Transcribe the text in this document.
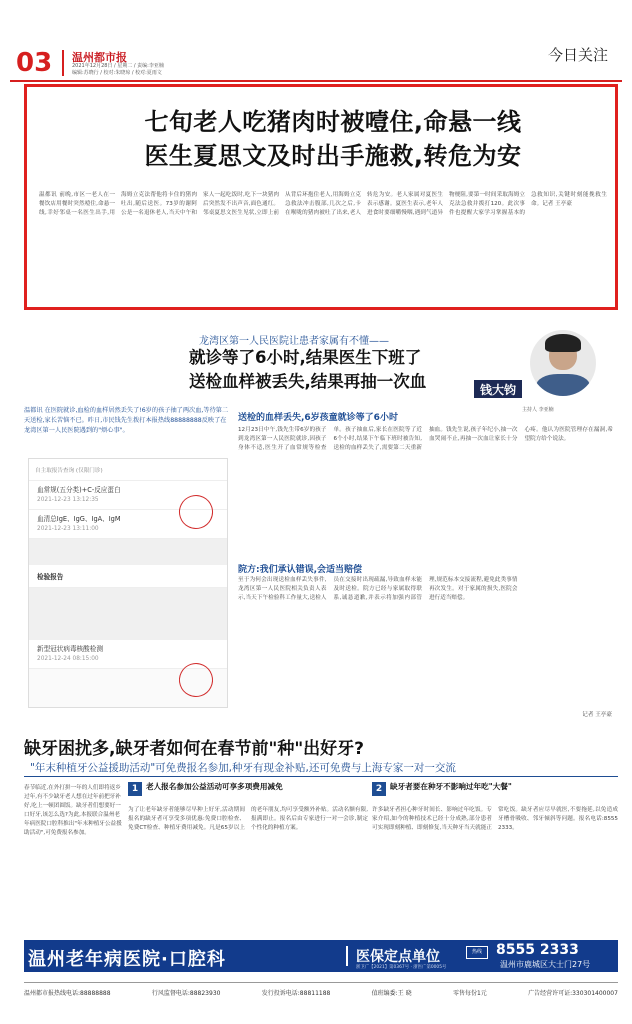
03 温州都市报
2021年12月28日 / 星期二 / 责编:李亚楠
编辑:苏晓行 / 校对:朱晓琼 / 校对:夏雨文
今日关注
七旬老人吃猪肉时被噎住,命悬一线
医生夏思文及时出手施救,转危为安
温都讯 前晚,市区一老人在一餐饮店用餐时突然噎住,命悬一线,幸好邻桌一名医生出手,用海姆立克法帮他将卡住的猪肉吐出,随后送医。73岁的谢阿公是一名退休老人,当天中午和家人一起吃饭时,吃下一块猪肉后突然发不出声音,面色通红。邻桌夏思文医生见状,立即上前从背后环抱住老人,用海姆立克急救法冲击腹部,几次之后,卡在喉咙的猪肉被吐了出来,老人转危为安。老人家属对夏医生表示感谢。夏医生表示,老年人进食时要细嚼慢咽,遇到气道异物梗阻,要第一时间采取海姆立克法急救并拨打120。此次事件也提醒大家学习掌握基本的急救知识,关键时刻能挽救生命。记者 王亭豪
龙湾区第一人民医院让患者家属有不懂——
就诊等了6小时,结果医生下班了
送检血样被丢失,结果再抽一次血	钱大钧
主持人 李亚楠
温都讯 在医院就诊,血检的血样居然丢失了!6岁的孩子抽了两次血,等待第二天送检,家长苦恼不已。昨日,市民钱先生拨打本报热线88888888反映了在龙湾区第一人民医院遇到的"烦心事"。
自主取报告查询 (仅限门诊)
血常规(五分类)+C-反应蛋白
2021-12-23 13:12:35
血清总IgE、IgG、IgA、IgM
2021-12-23 13:11:00
检验报告
新型冠状病毒核酸检测
2021-12-24 08:15:00
送检的血样丢失,6岁孩童就诊等了6小时
12月23日中午,钱先生带6岁的孩子到龙湾区第一人民医院就诊,因孩子身体不适,医生开了血常规等检查单。孩子抽血后,家长在医院等了近6个小时,结果下午临下班时被告知,送检的血样丢失了,需要第二天重新抽血。钱先生说,孩子年纪小,抽一次血哭闹不止,再抽一次血让家长十分心疼。他认为医院管理存在漏洞,希望院方给个说法。
院方:我们承认错误,会适当赔偿
至于为何会出现送检血样丢失事件,龙湾区第一人民医院相关负责人表示,当天下午检验科工作量大,送检人员在交接时出现疏漏,导致血样未能及时送检。院方已经与家属取得联系,诚恳道歉,并表示将加强内部管理,规范标本交接流程,避免此类事情再次发生。对于家属的损失,医院会进行适当赔偿。
记者 王亭豪
缺牙困扰多,缺牙者如何在春节前"种"出好牙?
"年末种植牙公益援助活动"可免费报名参加,种牙有现金补贴,还可免费与上海专家一对一交流
春节临近,在外打拼一年的人们即将返乡过年,有不少缺牙老人想在过年前把牙补好,吃上一顿团圆饭。缺牙者们想要好一口好牙,该怎么选?为此,本报联合温州老年病医院口腔科推出"年末种植牙公益援助活动",可免费报名参加。
1	老人报名参加公益活动可享多项费用减免
为了让老年缺牙者能够尽早种上好牙,活动期间报名的缺牙者可享受多项优惠:免费口腔检查、免费CT检查、种植牙费用减免。凡是65岁以上的老年朋友,均可享受额外补贴。活动名额有限,报满即止。报名后由专家进行一对一会诊,制定个性化的种植方案。
2	缺牙者要在种牙不影响过年吃"大餐"
许多缺牙者担心种牙时间长、影响过年吃饭。专家介绍,如今的种植技术已经十分成熟,部分患者可实现即刻种植、即刻修复,当天种牙当天就能正常吃饭。缺牙者应尽早就医,不要拖延,以免造成牙槽骨吸收、邻牙倾斜等问题。报名电话:8555 2333。
温州老年病医院·口腔科	医保定点单位
浙卫广【2021】第0367号 · 浙医广第0005号
热线	8555 2333
温州市鹿城区大士门27号
温州都市报热线电话:88888888	行风监督电话:88823930	发行投诉电话:88811188	值班编委:王 晓	零售每份1元	广告经营许可证:330301400007
